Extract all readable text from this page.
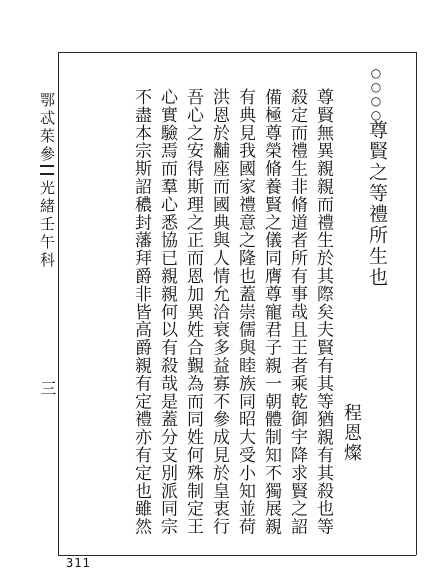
鄂忒茱參
光緒壬午科
三
○○○○
尊賢之等禮所生也
程恩燦
尊賢無異親親而禮生於其際矣夫賢有其等猶親有其殺也等
殺定而禮生非脩道者所有事哉且王者乘乾御宇降求賢之詔
備極尊榮脩養賢之儀同膺尊寵君子親一朝體制知不獨展親
有典見我國家禮意之隆也蓋崇儒與睦族同昭大受小知並荷
洪恩於黼座而國典與人情允洽衰多益寡不參成見於皇衷行
吾心之安得斯理之正而恩加異姓合覲為而同姓何殊制定王
心實驗焉而羣心悉協已親親何以有殺哉是蓋分支別派同宗
不盡本宗斯詔穠封藩拜爵非皆高爵親有定禮亦有定也雖然
311
